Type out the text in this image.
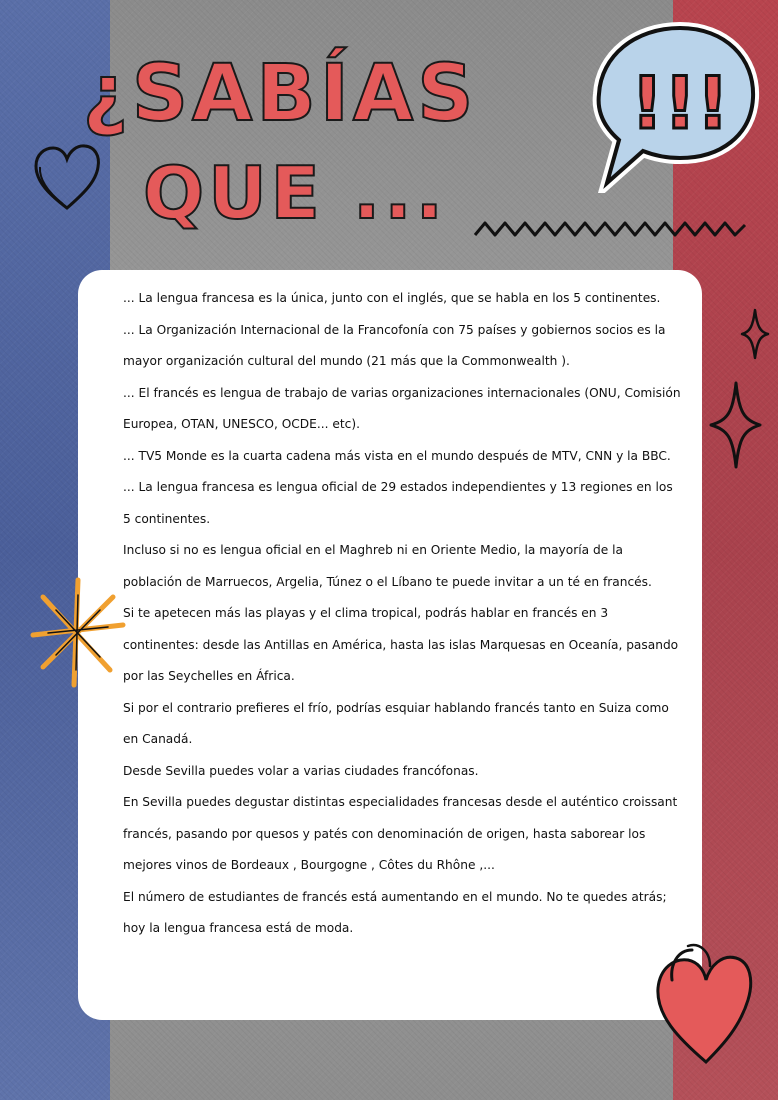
¿SABÍAS
QUE ...
!!!

... La lengua francesa es la única, junto con el inglés, que se habla en los 5 continentes.

... La Organización Internacional de la Francofonía con 75 países y gobiernos socios es la mayor organización cultural del mundo (21 más que la Commonwealth ).

... El francés es lengua de trabajo de varias organizaciones internacionales (ONU, Comisión Europea, OTAN, UNESCO, OCDE... etc).

... TV5 Monde es la cuarta cadena más vista en el mundo después de MTV, CNN y la BBC.

... La lengua francesa es lengua oficial de 29 estados independientes y 13 regiones en los 5 continentes.

Incluso si no es lengua oficial en el Maghreb ni en Oriente Medio, la mayoría de la población de Marruecos, Argelia, Túnez o el Líbano te puede invitar a un té en francés.

Si te apetecen más las playas y el clima tropical, podrás hablar en francés en 3 continentes: desde las Antillas en América, hasta las islas Marquesas en Oceanía, pasando por las Seychelles en África.

Si por el contrario prefieres el frío, podrías esquiar hablando francés tanto en Suiza como en Canadá.

Desde Sevilla puedes volar a varias ciudades francófonas.

En Sevilla puedes degustar distintas especialidades francesas desde el auténtico croissant francés, pasando por quesos y patés con denominación de origen, hasta saborear los mejores vinos de Bordeaux , Bourgogne , Côtes du Rhône ,...

El número de estudiantes de francés está aumentando en el mundo. No te quedes atrás; hoy la lengua francesa está de moda.
